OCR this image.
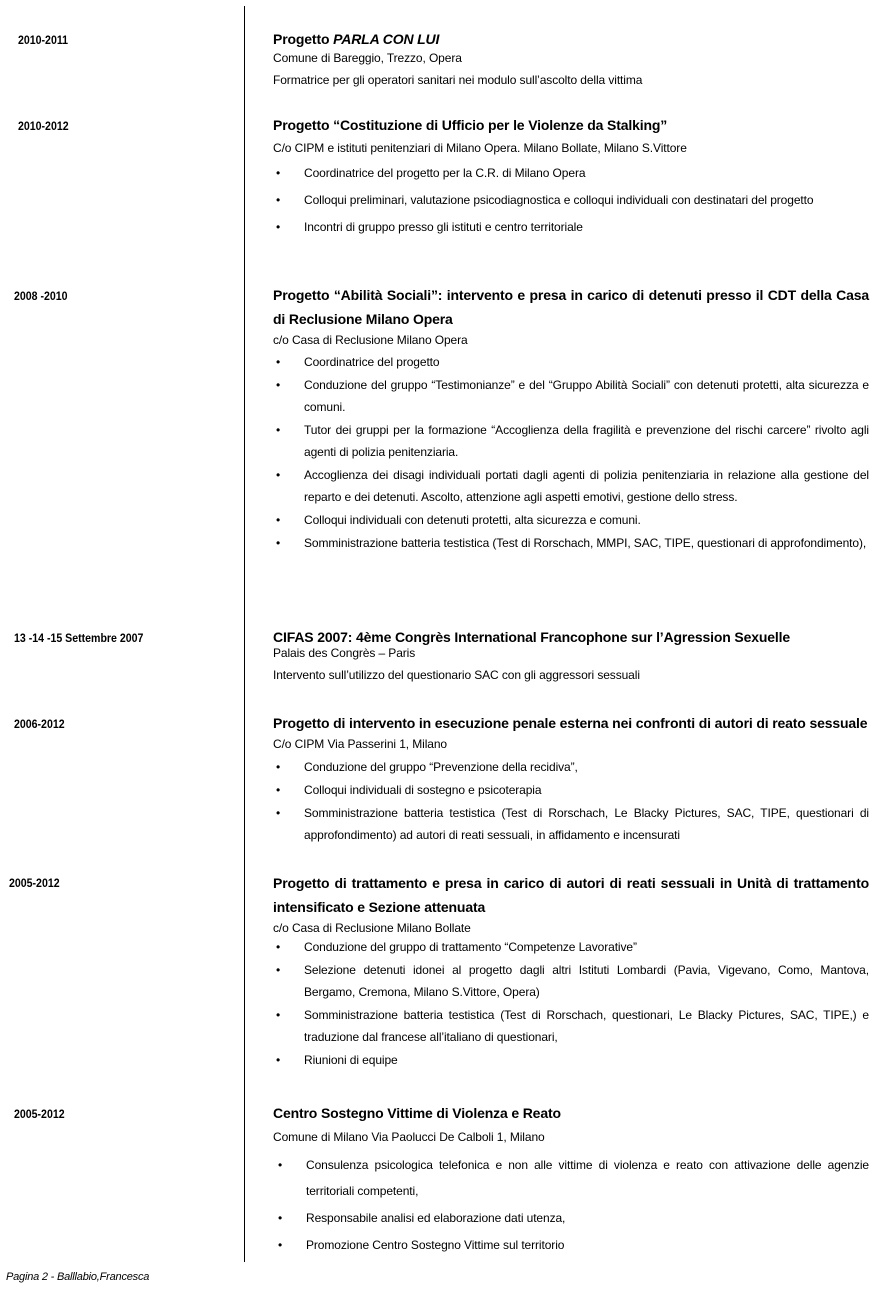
2010-2011	Progetto PARLA CON LUI
Comune di Bareggio, Trezzo, Opera
Formatrice per gli operatori sanitari nei modulo sull’ascolto della vittima
2010-2012	Progetto “Costituzione di Ufficio per le Violenze da Stalking”
C/o CIPM e istituti penitenziari di Milano Opera. Milano Bollate, Milano S.Vittore
• Coordinatrice del progetto per la C.R. di Milano Opera
• Colloqui preliminari, valutazione psicodiagnostica e colloqui individuali con destinatari del progetto
• Incontri di gruppo presso gli istituti e centro territoriale
2008 -2010	Progetto “Abilità Sociali”: intervento e presa in carico di detenuti presso il CDT della Casa di Reclusione Milano Opera
c/o Casa di Reclusione Milano Opera
• Coordinatrice del progetto
• Conduzione del gruppo “Testimonianze” e del “Gruppo Abilità Sociali” con detenuti protetti, alta sicurezza e comuni.
• Tutor dei gruppi per la formazione “Accoglienza della fragilità e prevenzione del rischi carcere” rivolto agli agenti di polizia penitenziaria.
• Accoglienza dei disagi individuali portati dagli agenti di polizia penitenziaria in relazione alla gestione del reparto e dei detenuti. Ascolto, attenzione agli aspetti emotivi, gestione dello stress.
• Colloqui individuali con detenuti protetti, alta sicurezza e comuni.
• Somministrazione batteria testistica (Test di Rorschach, MMPI, SAC, TIPE, questionari di approfondimento),
13 -14 -15 Settembre 2007	CIFAS 2007: 4ème Congrès International Francophone sur l’Agression Sexuelle
Palais des Congrès – Paris
Intervento sull’utilizzo del questionario SAC con gli aggressori sessuali
2006-2012	Progetto di intervento in esecuzione penale esterna nei confronti di autori di reato sessuale
C/o CIPM Via Passerini 1, Milano
• Conduzione del gruppo “Prevenzione della recidiva”,
• Colloqui individuali di sostegno e psicoterapia
• Somministrazione batteria testistica (Test di Rorschach, Le Blacky Pictures, SAC, TIPE, questionari di approfondimento) ad autori di reati sessuali, in affidamento e incensurati
2005-2012	Progetto di trattamento e presa in carico di autori di reati sessuali in Unità di trattamento intensificato e Sezione attenuata
c/o Casa di Reclusione Milano Bollate
• Conduzione del gruppo di trattamento “Competenze Lavorative”
• Selezione detenuti idonei al progetto dagli altri Istituti Lombardi (Pavia, Vigevano, Como, Mantova, Bergamo, Cremona, Milano S.Vittore, Opera)
• Somministrazione batteria testistica (Test di Rorschach, questionari, Le Blacky Pictures, SAC, TIPE,) e traduzione dal francese all’italiano di questionari,
• Riunioni di equipe
2005-2012	Centro Sostegno Vittime di Violenza e Reato
Comune di Milano Via Paolucci De Calboli 1, Milano
• Consulenza psicologica telefonica e non alle vittime di violenza e reato con attivazione delle agenzie territoriali competenti,
• Responsabile analisi ed elaborazione dati utenza,
• Promozione Centro Sostegno Vittime sul territorio
Pagina 2 - Balllabio,Francesca
